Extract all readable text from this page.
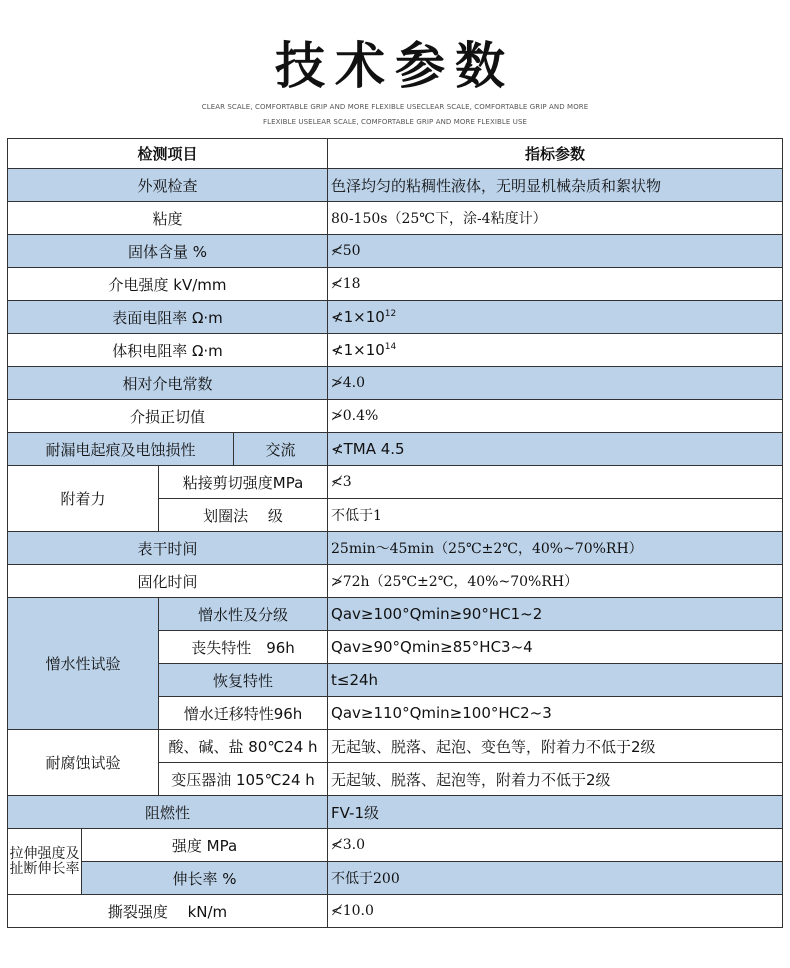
技术参数
CLEAR SCALE, COMFORTABLE GRIP AND MORE FLEXIBLE USECLEAR SCALE, COMFORTABLE GRIP AND MORE
FLEXIBLE USELEAR SCALE, COMFORTABLE GRIP AND MORE FLEXIBLE USE
检测项目				指标参数
外观检查				色泽均匀的粘稠性液体，无明显机械杂质和絮状物
粘度				80-150s（25℃下，涂-4粘度计）
固体含量 %				≮50
介电强度 kV/mm				≮18
表面电阻率 Ω·m				$≮1\times 10^{12}$
体积电阻率 Ω·m				$≮1\times 10^{14}$
相对介电常数				≯4.0
介损正切值				≯0.4%
耐漏电起痕及电蚀损性			交流	≮TMA 4.5
附着力		粘接剪切强度MPa		≮3
		划圈法　 级		不低于1
表干时间				25min～45min（25℃±2℃，40%~70%RH）
固化时间				≯72h（25℃±2℃，40%~70%RH）
憎水性试验		憎水性及分级		Qav≥100°Qmin≥90°HC1~2
		丧失特性　96h		Qav≥90°Qmin≥85°HC3~4
		恢复特性		t≤24h
		憎水迁移特性96h		Qav≥110°Qmin≥100°HC2~3
耐腐蚀试验		酸、碱、盐 80℃24 h		无起皱、脱落、起泡、变色等，附着力不低于2级
		变压器油 105℃24 h		无起皱、脱落、起泡等，附着力不低于2级
阻燃性				FV-1级
拉伸强度及扯断伸长率	强度 MPa			≮3.0
	伸长率 %			不低于200
撕裂强度　 kN/m				≮10.0
